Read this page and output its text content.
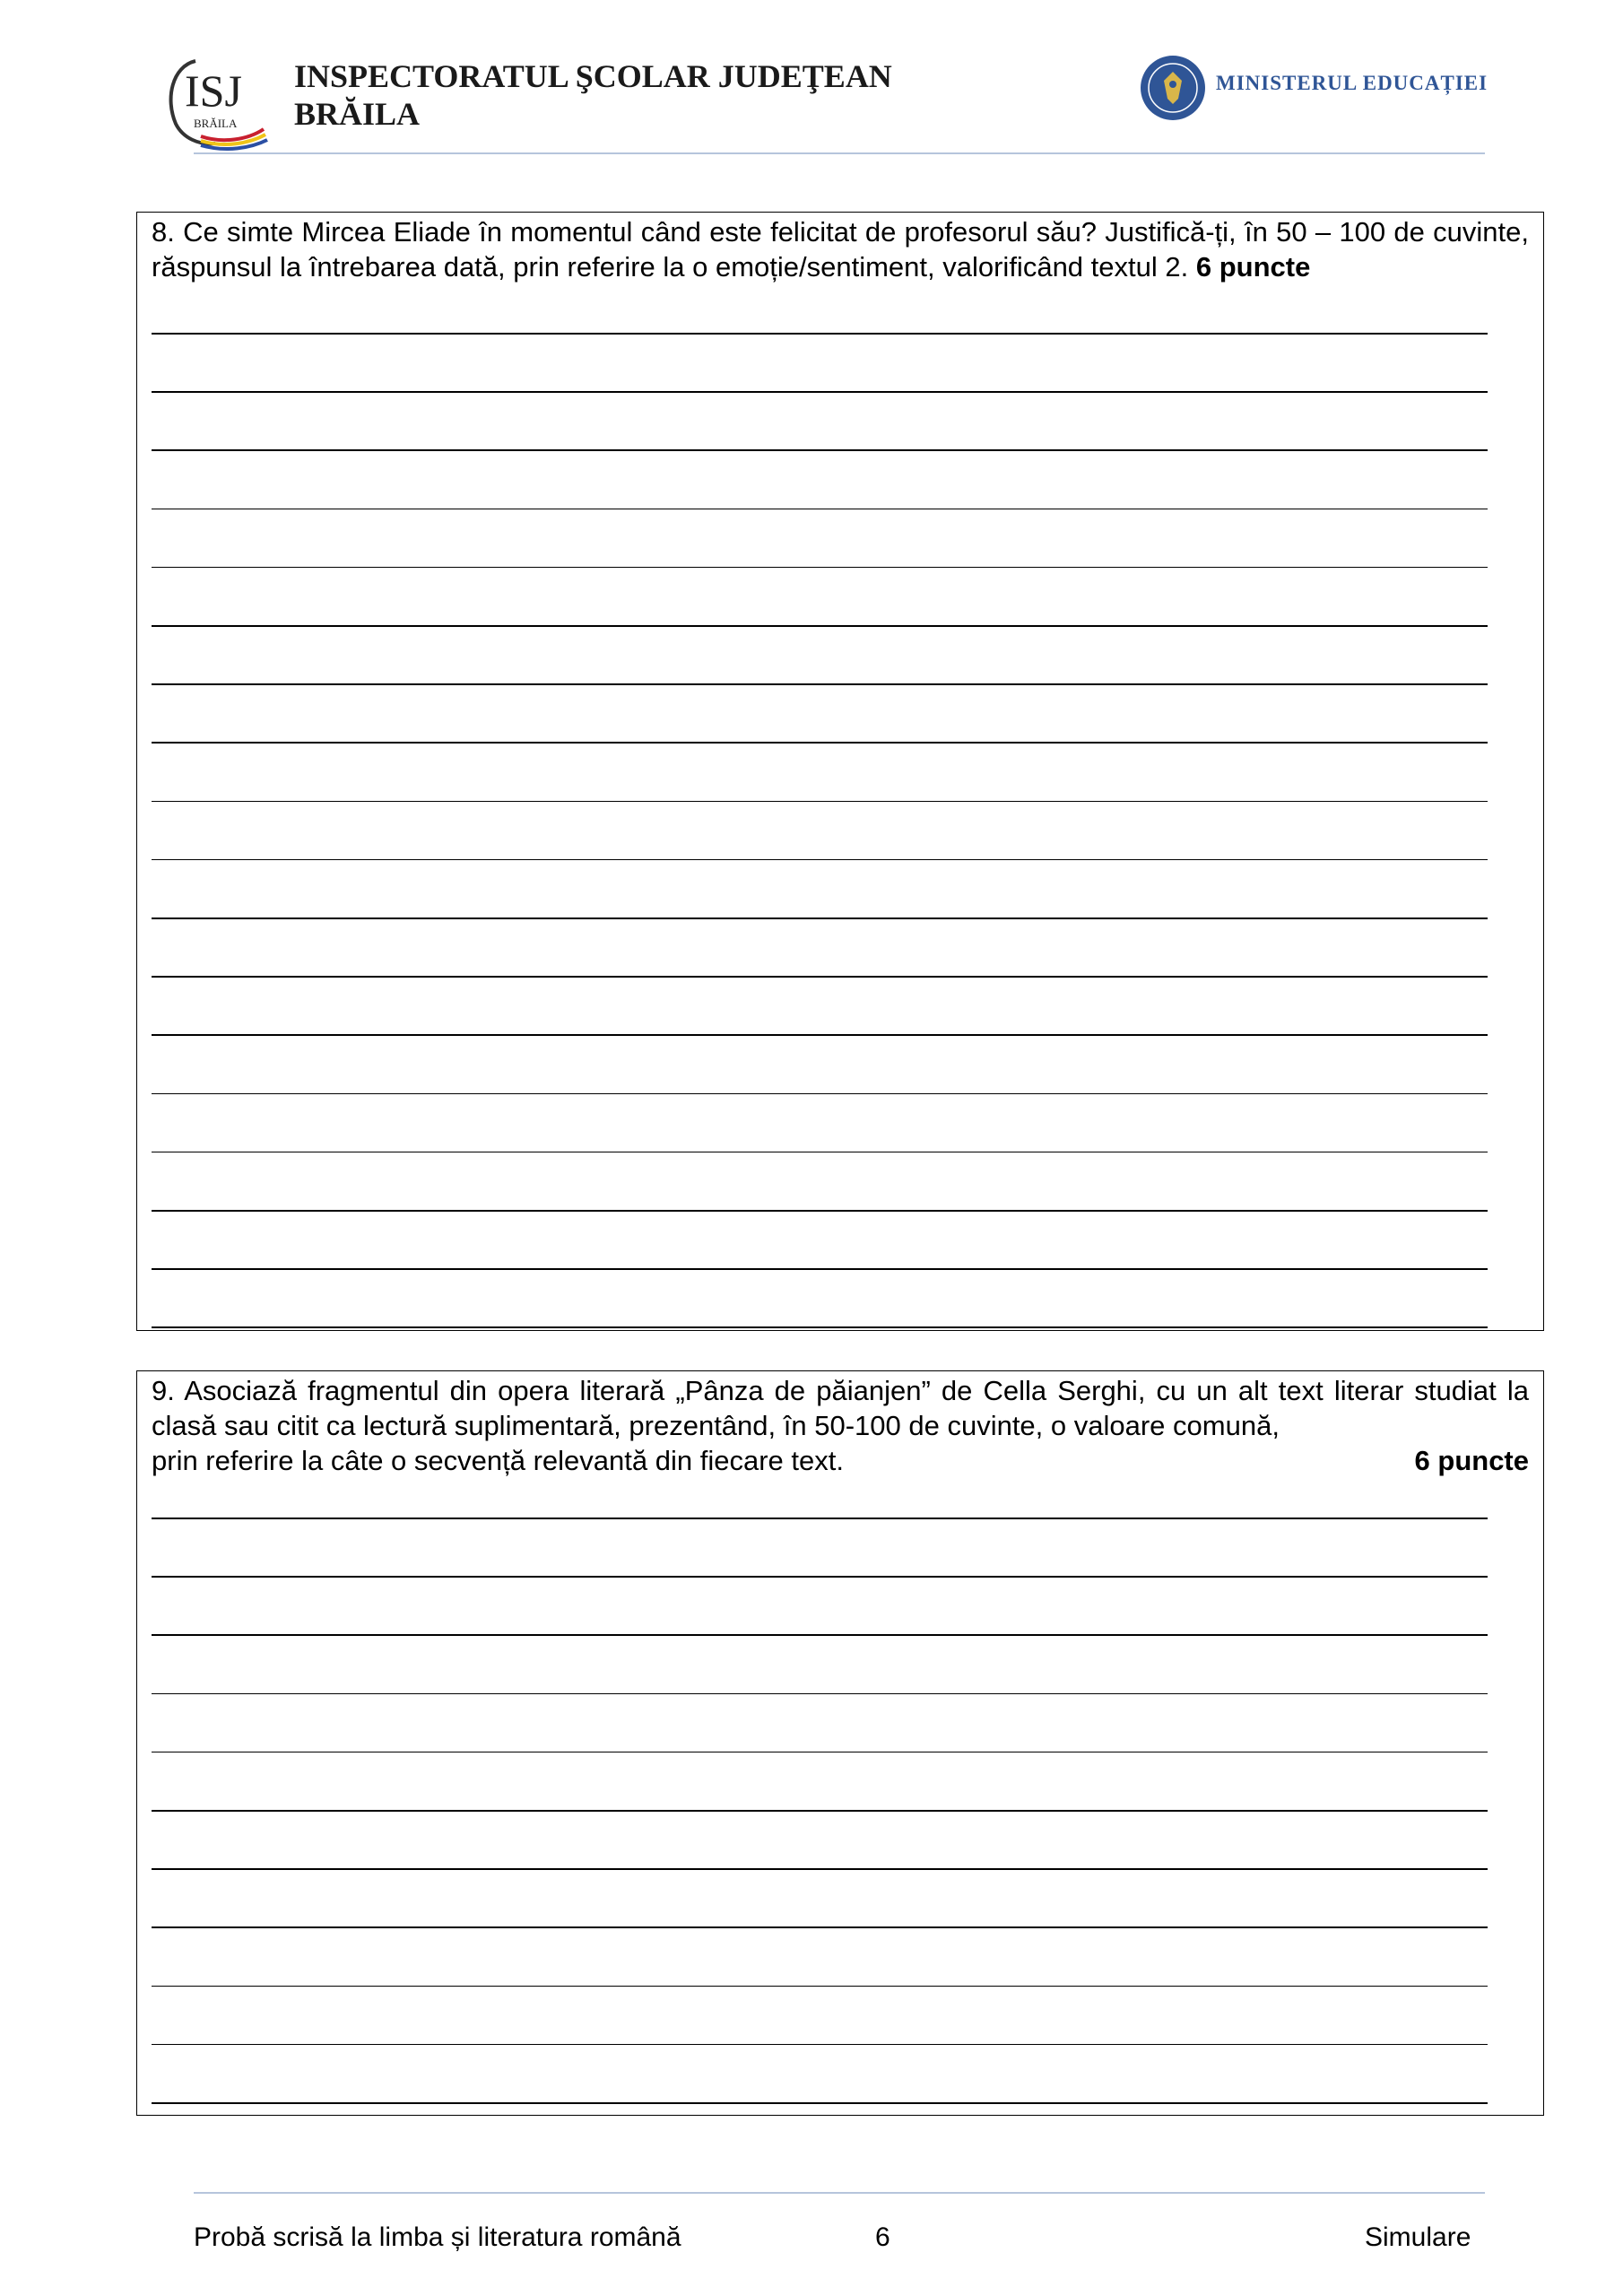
ISJ
BRĂILA
INSPECTORATUL ŞCOLAR JUDEŢEAN
BRĂILA
MINISTERUL EDUCAȚIEI
8. Ce simte Mircea Eliade în momentul când este felicitat de profesorul său? Justifică-ți, în 50 – 100 de cuvinte, răspunsul la întrebarea dată, prin referire la o emoție/sentiment, valorificând textul 2. 6 puncte

9. Asociază fragmentul din opera literară „Pânza de păianjen” de Cella Serghi, cu un alt text literar studiat la clasă sau citit ca lectură suplimentară, prezentând, în 50-100 de cuvinte, o valoare comună,

prin referire la câte o secvență relevantă din fiecare text.	6 puncte
Probă scrisă la limba și literatura română	6	Simulare
